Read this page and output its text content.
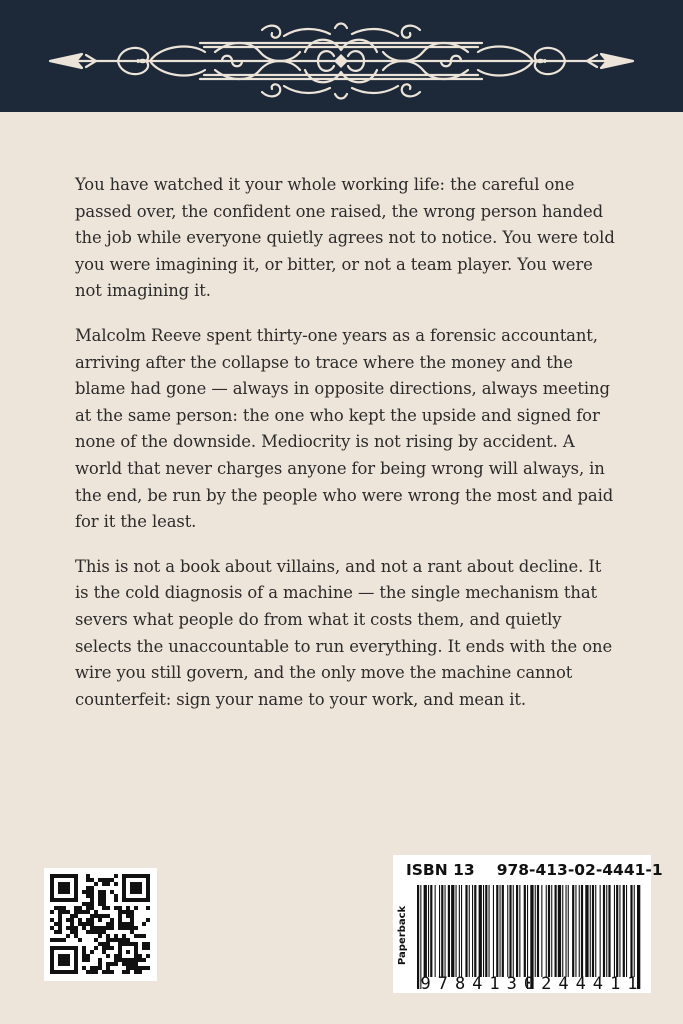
You have watched it your whole working life: the careful one passed over, the confident one raised, the wrong person handed the job while everyone quietly agrees not to notice. You were told you were imagining it, or bitter, or not a team player. You were not imagining it.

Malcolm Reeve spent thirty-one years as a forensic accountant, arriving after the collapse to trace where the money and the blame had gone — always in opposite directions, always meeting at the same person: the one who kept the upside and signed for none of the downside. Mediocrity is not rising by accident. A world that never charges anyone for being wrong will always, in the end, be run by the people who were wrong the most and paid for it the least.

This is not a book about villains, and not a rant about decline. It is the cold diagnosis of a machine — the single mechanism that severs what people do from what it costs them, and quietly selects the unaccountable to run everything. It ends with the one wire you still govern, and the only move the machine cannot counterfeit: sign your name to your work, and mean it.

ISBN 13 978-413-02-4441-1
Paperback
9 7 8 4 1 3 0 2 4 4 4 1 1
